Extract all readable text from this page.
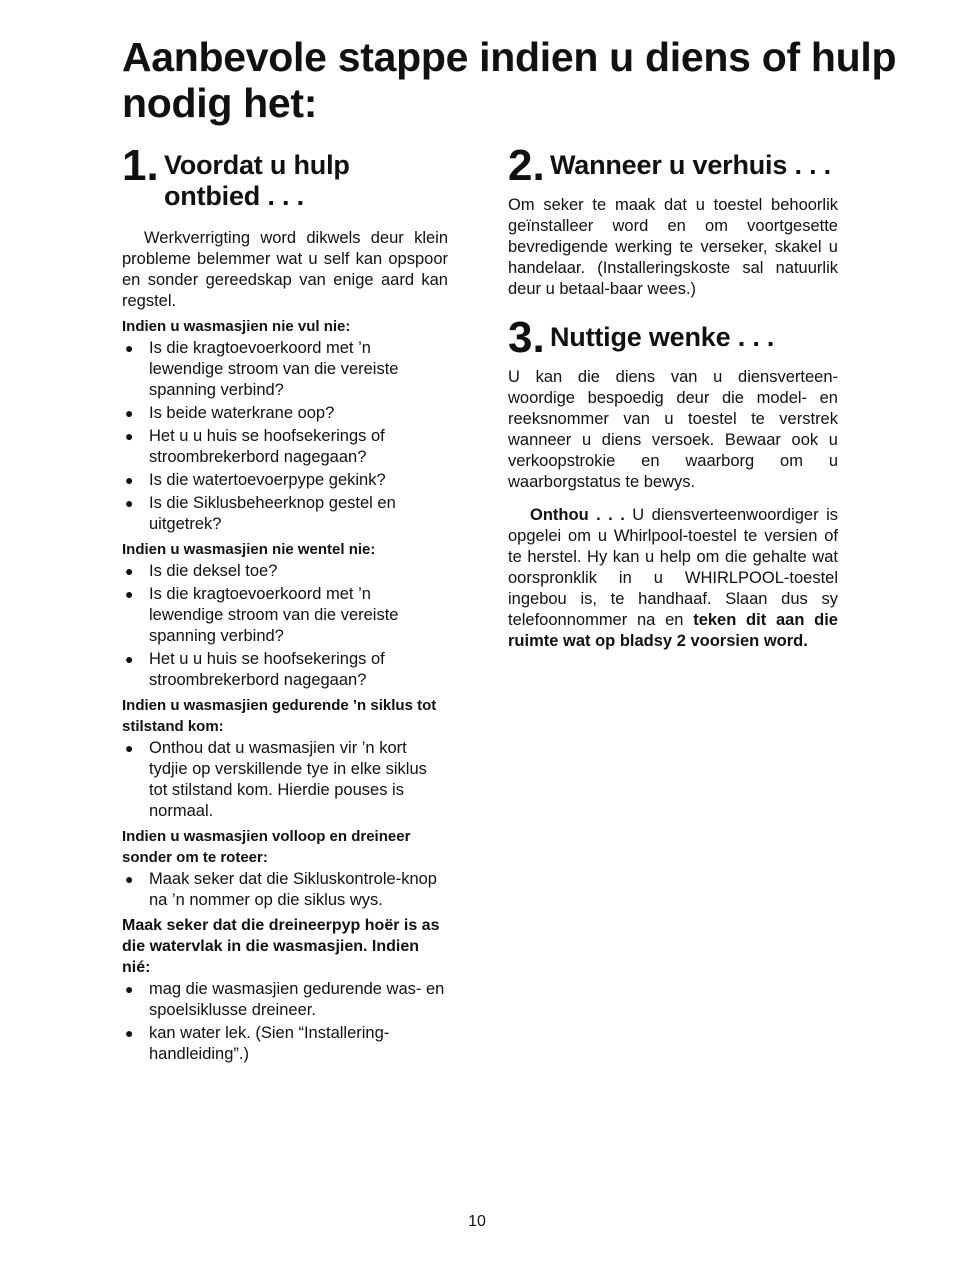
Aanbevole stappe indien u diens of hulp nodig het:
1. Voordat u hulp ontbied . . .

Werkverrigting word dikwels deur klein probleme belemmer wat u self kan opspoor en sonder gereedskap van enige aard kan regstel.

Indien u wasmasjien nie vul nie:
● Is die kragtoevoerkoord met ’n lewendige stroom van die vereiste spanning verbind?
● Is beide waterkrane oop?
● Het u u huis se hoofsekerings of stroombrekerbord nagegaan?
● Is die watertoevoerpype gekink?
● Is die Siklusbeheerknop gestel en uitgetrek?
Indien u wasmasjien nie wentel nie:
● Is die deksel toe?
● Is die kragtoevoerkoord met ’n lewendige stroom van die vereiste spanning verbind?
● Het u u huis se hoofsekerings of stroombrekerbord nagegaan?
Indien u wasmasjien gedurende ’n siklus tot stilstand kom:
● Onthou dat u wasmasjien vir ’n kort tydjie op verskillende tye in elke siklus tot stilstand kom. Hierdie pouses is normaal.
Indien u wasmasjien volloop en dreineer sonder om te roteer:
● Maak seker dat die Sikluskontrole-knop na ’n nommer op die siklus wys.
Maak seker dat die dreineerpyp hoër is as die watervlak in die wasmasjien. Indien nié:
● mag die wasmasjien gedurende was- en spoelsiklusse dreineer.
● kan water lek. (Sien “Installering-handleiding”.)
2. Wanneer u verhuis . . .

Om seker te maak dat u toestel behoorlik geïnstalleer word en om voortgesette bevredigende werking te verseker, skakel u handelaar. (Installeringskoste sal natuurlik deur u betaal-baar wees.)

3. Nuttige wenke . . .

U kan die diens van u diensverteen-woordige bespoedig deur die model- en reeksnommer van u toestel te verstrek wanneer u diens versoek. Bewaar ook u verkoopstrokie en waarborg om u waarborgstatus te bewys.

Onthou . . . U diensverteenwoordiger is opgelei om u Whirlpool-toestel te versien of te herstel. Hy kan u help om die gehalte wat oorspronklik in u WHIRLPOOL-toestel ingebou is, te handhaaf. Slaan dus sy telefoonnommer na en teken dit aan die ruimte wat op bladsy 2 voorsien word.

10
